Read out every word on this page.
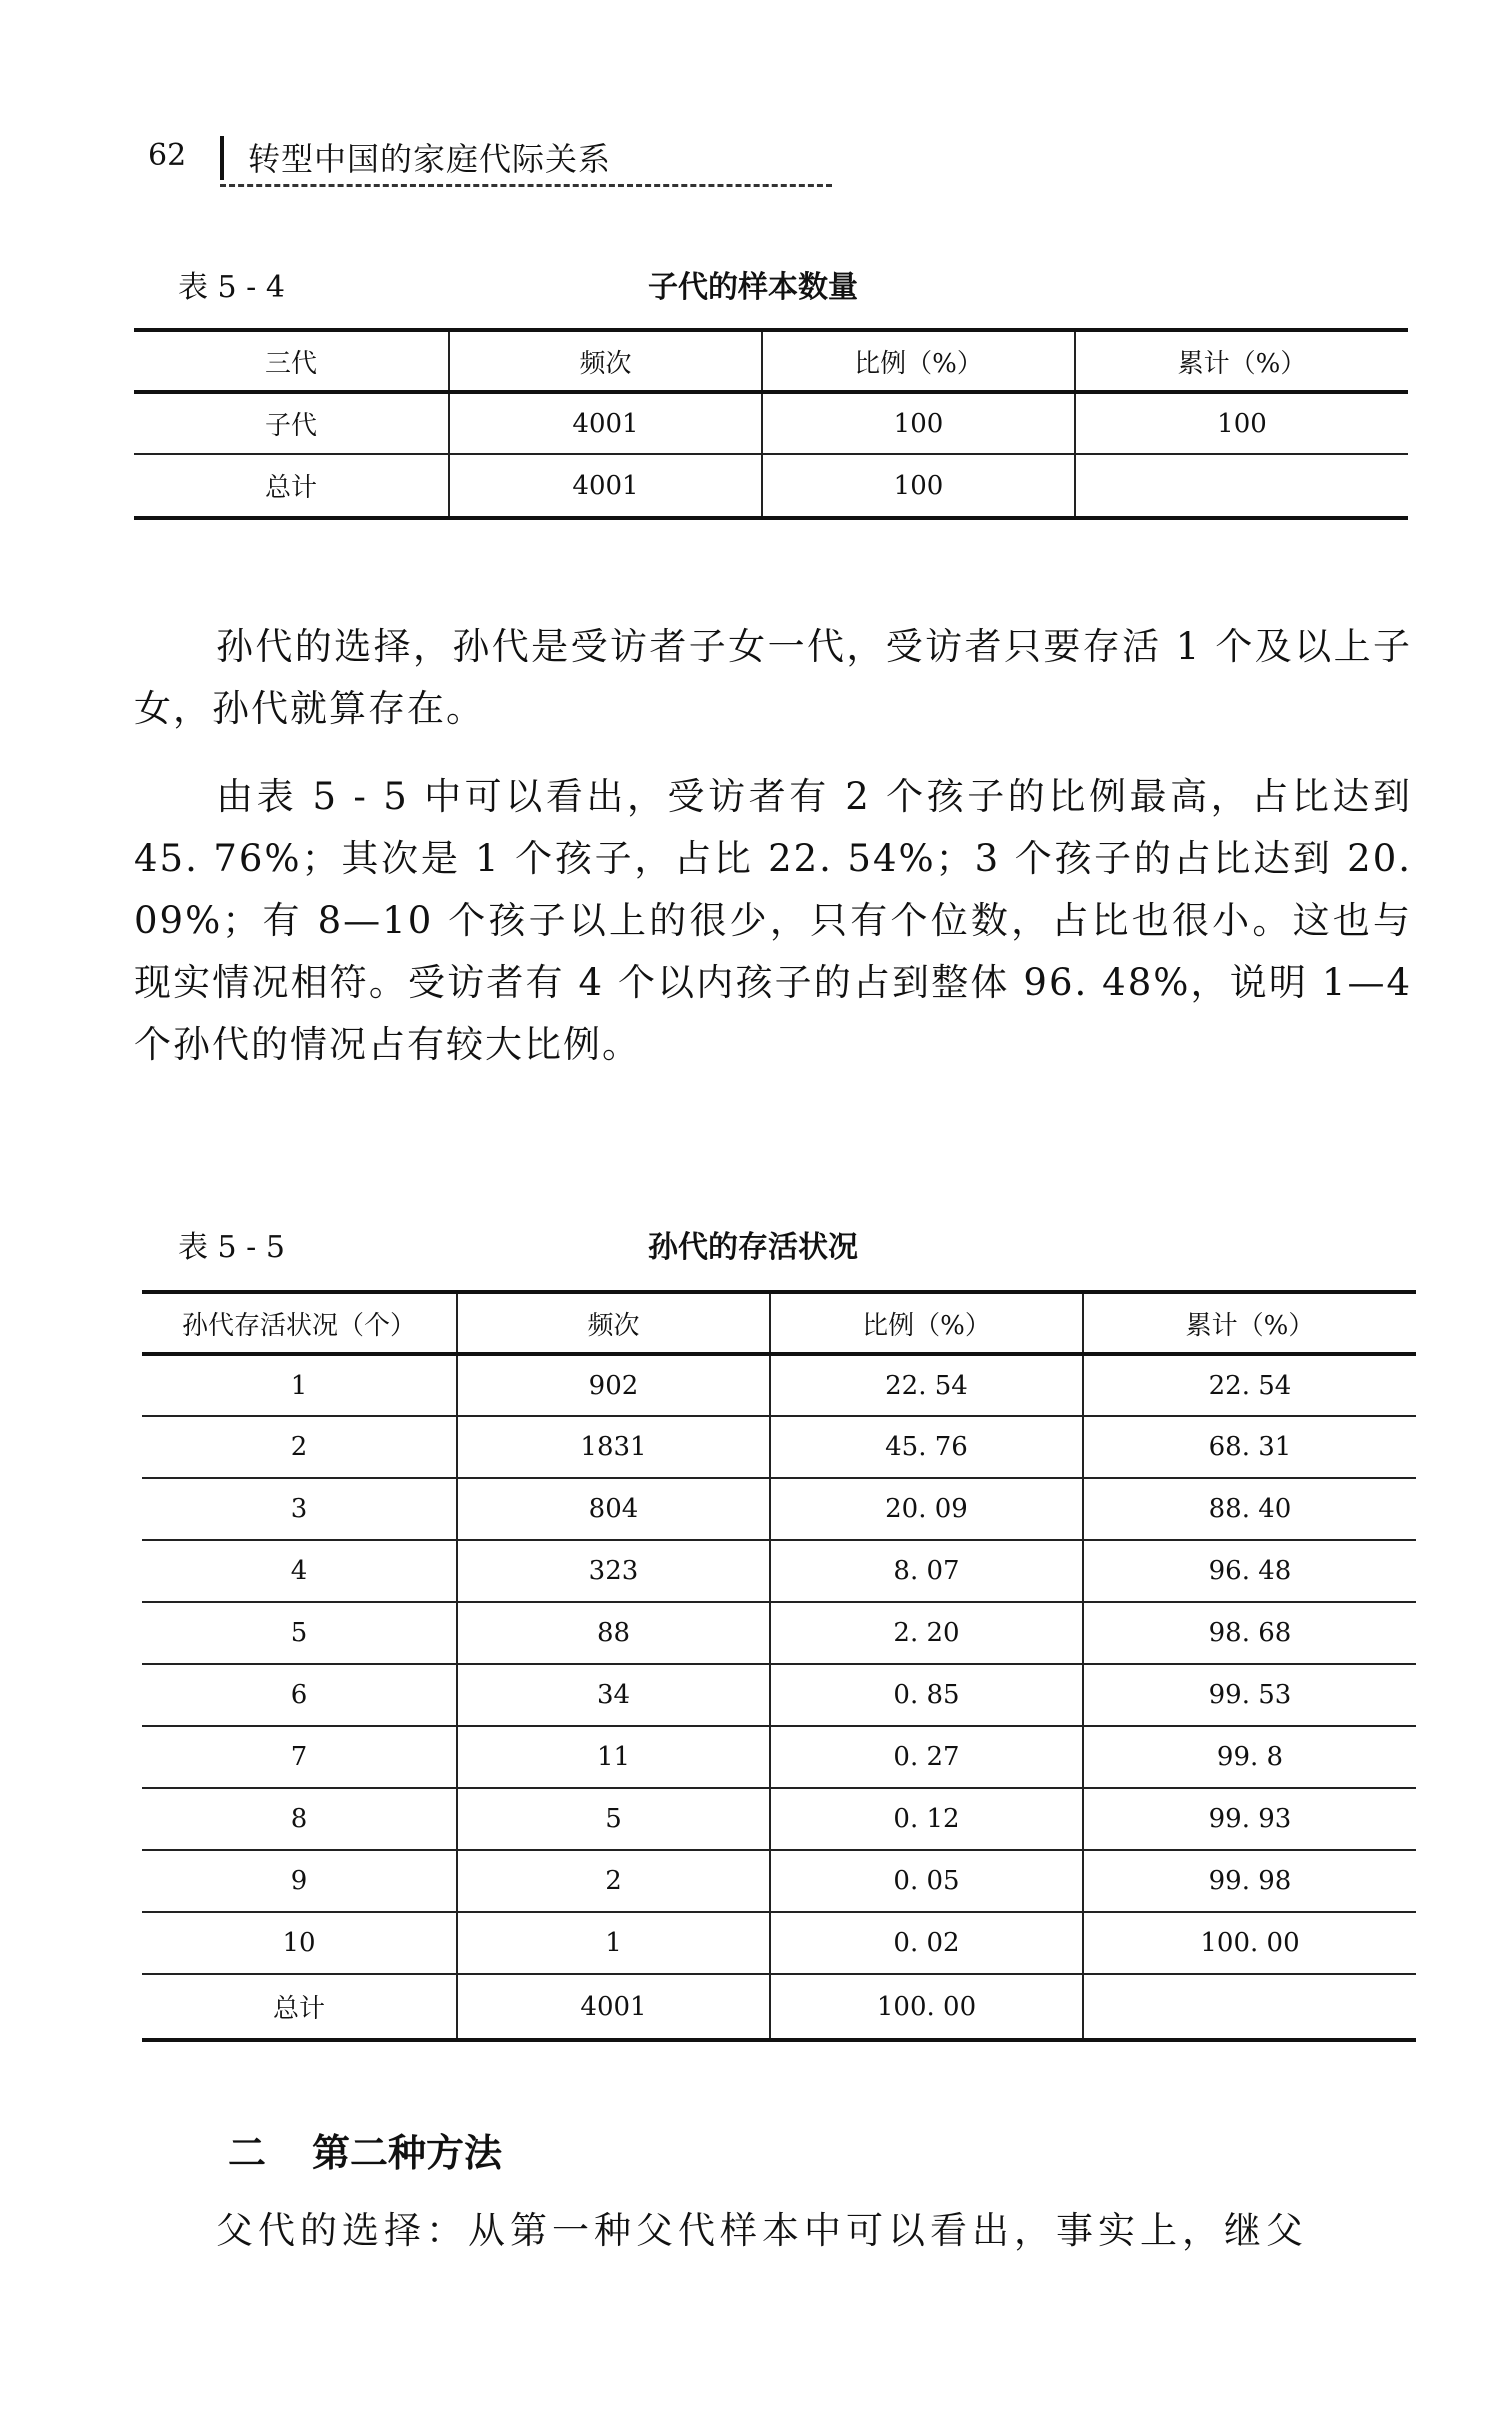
62 转型中国的家庭代际关系
表 5 - 4	子代的样本数量
三代	频次	比例（%）	累计（%）
子代	4001	100	100
总计	4001	100	
孙代的选择，孙代是受访者子女一代，受访者只要存活 1 个及以上子女，孙代就算存在。
由表 5 - 5 中可以看出，受访者有 2 个孩子的比例最高，占比达到 45. 76%；其次是 1 个孩子，占比 22. 54%；3 个孩子的占比达到 20. 09%；有 8—10 个孩子以上的很少，只有个位数，占比也很小。这也与现实情况相符。受访者有 4 个以内孩子的占到整体 96. 48%，说明 1—4 个孙代的情况占有较大比例。
表 5 - 5	孙代的存活状况
孙代存活状况（个）	频次	比例（%）	累计（%）
1	902	22. 54	22. 54
2	1831	45. 76	68. 31
3	804	20. 09	88. 40
4	323	8. 07	96. 48
5	88	2. 20	98. 68
6	34	0. 85	99. 53
7	11	0. 27	99. 8
8	5	0. 12	99. 93
9	2	0. 05	99. 98
10	1	0. 02	100. 00
总计	4001	100. 00	
二 第二种方法
父代的选择：从第一种父代样本中可以看出，事实上，继父
